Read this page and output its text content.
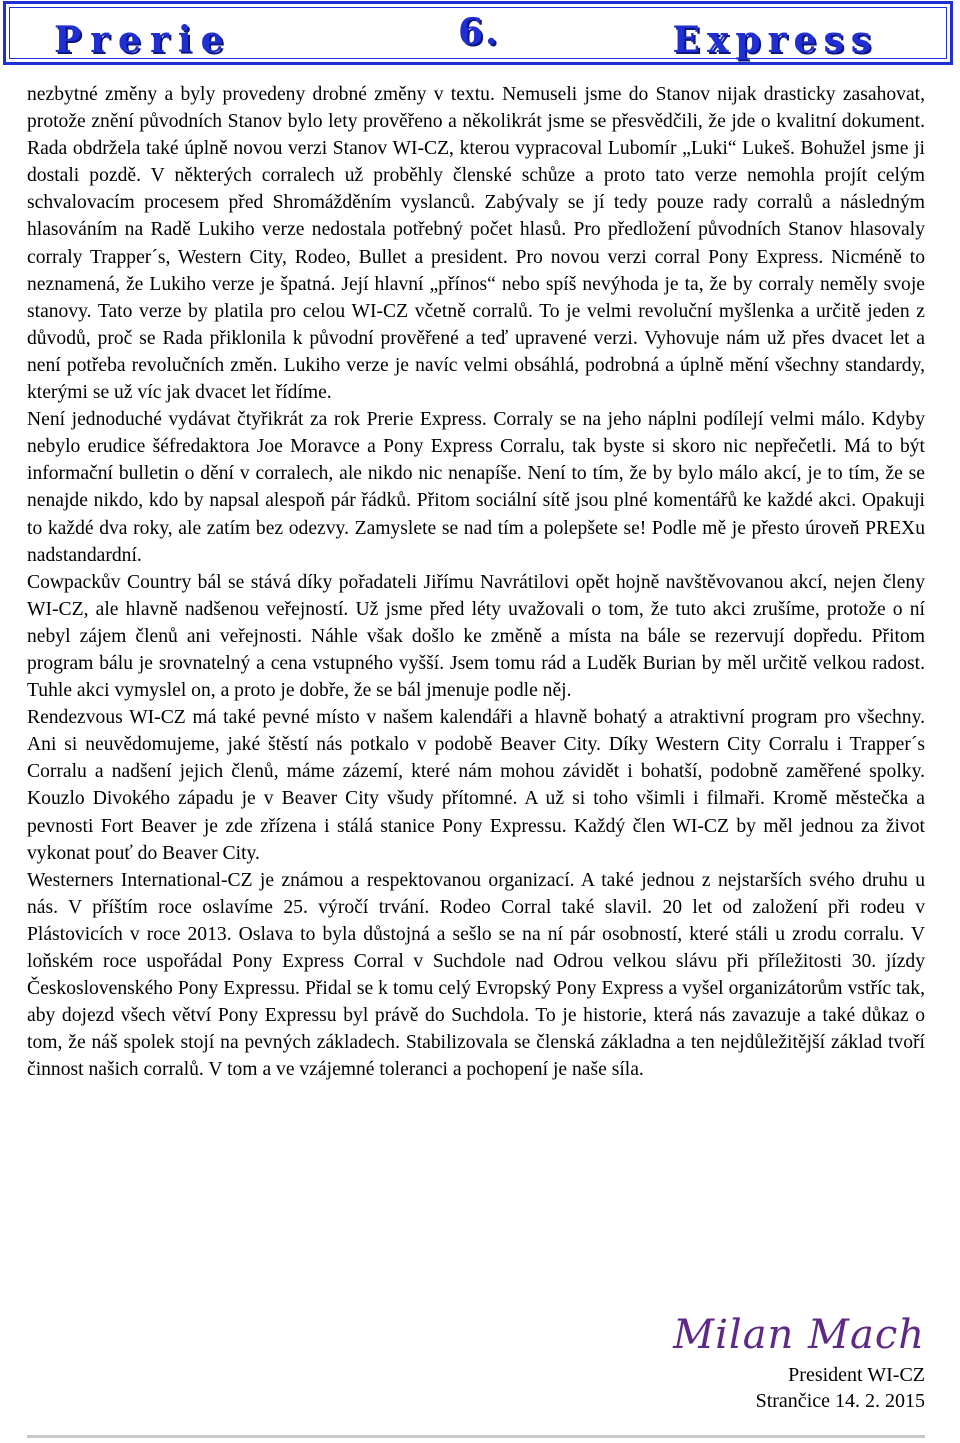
Prerie	6.	Express

nezbytné změny a byly provedeny drobné změny v textu. Nemuseli jsme do Stanov nijak drasticky zasahovat, protože znění původních Stanov bylo lety prověřeno a několikrát jsme se přesvědčili, že jde o kvalitní dokument. Rada obdržela také úplně novou verzi Stanov WI-CZ, kterou vypracoval Lubomír „Luki“ Lukeš. Bohužel jsme ji dostali pozdě. V některých corralech už proběhly členské schůze a proto tato verze nemohla projít celým schvalovacím procesem před Shromážděním vyslanců. Zabývaly se jí tedy pouze rady corralů a následným hlasováním na Radě Lukiho verze nedostala potřebný počet hlasů. Pro předložení původních Stanov hlasovaly corraly Trapper´s, Western City, Rodeo, Bullet a president. Pro novou verzi corral Pony Express. Nicméně to neznamená, že Lukiho verze je špatná. Její hlavní „přínos“ nebo spíš nevýhoda je ta, že by corraly neměly svoje stanovy. Tato verze by platila pro celou WI-CZ včetně corralů. To je velmi revoluční myšlenka a určitě jeden z důvodů, proč se Rada přiklonila k původní prověřené a teď upravené verzi. Vyhovuje nám už přes dvacet let a není potřeba revolučních změn. Lukiho verze je navíc velmi obsáhlá, podrobná a úplně mění všechny standardy, kterými se už víc jak dvacet let řídíme.

Není jednoduché vydávat čtyřikrát za rok Prerie Express. Corraly se na jeho náplni podílejí velmi málo. Kdyby nebylo erudice šéfredaktora Joe Moravce a Pony Express Corralu, tak byste si skoro nic nepřečetli. Má to být informační bulletin o dění v corralech, ale nikdo nic nenapíše. Není to tím, že by bylo málo akcí, je to tím, že se nenajde nikdo, kdo by napsal alespoň pár řádků. Přitom sociální sítě jsou plné komentářů ke každé akci. Opakuji to každé dva roky, ale zatím bez odezvy. Zamyslete se nad tím a polepšete se! Podle mě je přesto úroveň PREXu nadstandardní.

Cowpackův Country bál se stává díky pořadateli Jiřímu Navrátilovi opět hojně navštěvovanou akcí, nejen členy WI-CZ, ale hlavně nadšenou veřejností. Už jsme před léty uvažovali o tom, že tuto akci zrušíme, protože o ní nebyl zájem členů ani veřejnosti. Náhle však došlo ke změně a místa na bále se rezervují dopředu. Přitom program bálu je srovnatelný a cena vstupného vyšší. Jsem tomu rád a Luděk Burian by měl určitě velkou radost. Tuhle akci vymyslel on, a proto je dobře, že se bál jmenuje podle něj.

Rendezvous WI-CZ má také pevné místo v našem kalendáři a hlavně bohatý a atraktivní program pro všechny. Ani si neuvědomujeme, jaké štěstí nás potkalo v podobě Beaver City. Díky Western City Corralu i Trapper´s Corralu a nadšení jejich členů, máme zázemí, které nám mohou závidět i bohatší, podobně zaměřené spolky. Kouzlo Divokého západu je v Beaver City všudy přítomné. A už si toho všimli i filmaři. Kromě městečka a pevnosti Fort Beaver je zde zřízena i stálá stanice Pony Expressu. Každý člen WI-CZ by měl jednou za život vykonat pouť do Beaver City.

Westerners International-CZ je známou a respektovanou organizací. A také jednou z nejstarších svého druhu u nás. V příštím roce oslavíme 25. výročí trvání. Rodeo Corral také slavil. 20 let od založení při rodeu v Plástovicích v roce 2013. Oslava to byla důstojná a sešlo se na ní pár osobností, které stáli u zrodu corralu. V loňském roce uspořádal Pony Express Corral v Suchdole nad Odrou velkou slávu při příležitosti 30. jízdy Československého Pony Expressu. Přidal se k tomu celý Evropský Pony Express a vyšel organizátorům vstříc tak, aby dojezd všech větví Pony Expressu byl právě do Suchdola. To je historie, která nás zavazuje a také důkaz o tom, že náš spolek stojí na pevných základech. Stabilizovala se členská základna a ten nejdůležitější základ tvoří činnost našich corralů. V tom a ve vzájemné toleranci a pochopení je naše síla.

Milan Mach
President WI-CZ
Strančice 14. 2. 2015
